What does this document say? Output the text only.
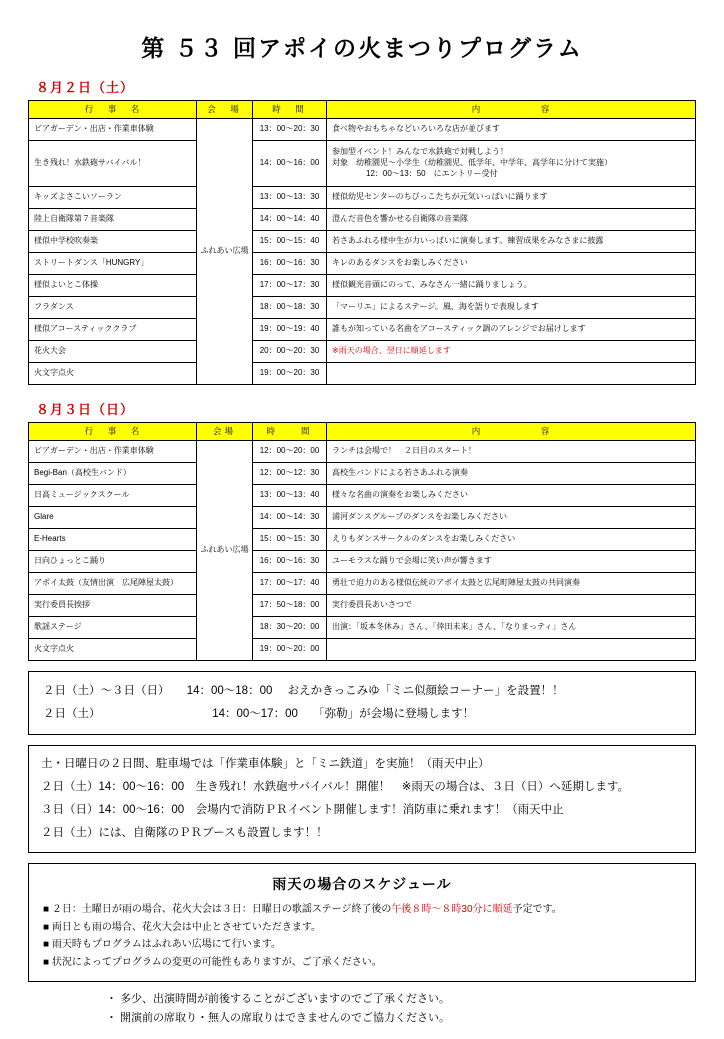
第 ５３ 回アポイの火まつりプログラム
８月２日（土）
行　事　名	会　場	時　間	内　　　　　容
ビアガーデン・出店・作業車体験	ふれあい広場	13：00〜20：30	食べ物やおもちゃなどいろいろな店が並びます
生き残れ！水鉄砲サバイバル！		14：00〜16：00	参加型イベント！みんなで水鉄砲で対戦しよう！
対象　幼稚園児〜小学生（幼稚園児、低学年、中学年、高学年に分けて実施）

12：00〜13：50　にエントリー受付

キッズよさこいソーラン		13：00〜13：30	様似幼児センターのちびっこたちが元気いっぱいに踊ります
陸上自衛隊第７音楽隊		14：00〜14：40	澄んだ音色を響かせる自衛隊の音楽隊
様似中学校吹奏楽		15：00〜15：40	若さあふれる様中生が力いっぱいに演奏します。練習成果をみなさまに披露
ストリートダンス「HUNGRY」		16：00〜16：30	キレのあるダンスをお楽しみください
様似よいとこ体操		17：00〜17：30	様似観光音頭にのって、みなさん一緒に踊りましょう。
フラダンス		18：00〜18：30	「マーリエ」によるステージ。風、海を語りで表現します
様似アコースティッククラブ		19：00〜19：40	誰もが知っている名曲をアコースティック調のアレンジでお届けします
花火大会		20：00〜20：30	※雨天の場合、翌日に順延します
火文字点火		19：00〜20：30	
８月３日（日）
行　事　名	会場	時　　間	内　　　　　容
ビアガーデン・出店・作業車体験	ふれあい広場	12：00〜20：00	ランチは会場で！　２日目のスタート！
Begi-Ban（高校生バンド）		12：00〜12：30	高校生バンドによる若さあふれる演奏
日高ミュージックスクール		13：00〜13：40	様々な名曲の演奏をお楽しみください
Glare		14：00〜14：30	浦河ダンスグループのダンスをお楽しみください
E-Hearts		15：00〜15：30	えりもダンスサークルのダンスをお楽しみください
日向ひょっとこ踊り		16：00〜16：30	ユーモラスな踊りで会場に笑い声が響きます
アポイ太鼓（友情出演　広尾陣屋太鼓）		17：00〜17：40	勇壮で迫力のある様似伝統のアポイ太鼓と広尾町陣屋太鼓の共同演奏
実行委員長挨拶		17：50〜18：00	実行委員長あいさつで
歌謡ステージ		18：30〜20：00	出演：「坂本冬休み」さん、「倖田未来」さん、「なりまっティ」さん
火文字点火		19：00〜20：00	
２日（土）〜３日（日） 14：00〜18：00 おえかきっこみゆ「ミニ似顔絵コーナー」を設置！！
２日（土）	14：00〜17：00 「弥勒」が会場に登場します！
土・日曜日の２日間、駐車場では「作業車体験」と「ミニ鉄道」を実施！（雨天中止）
２日（土）14：00〜16：00　生き残れ！水鉄砲サバイバル！開催！　※雨天の場合は、３日（日）へ延期します。
３日（日）14：00〜16：00　会場内で消防ＰＲイベント開催します！消防車に乗れます！（雨天中止
２日（土）には、自衛隊のＰＲブースも設置します！！
雨天の場合のスケジュール
■ ２日：土曜日が雨の場合、花火大会は３日：日曜日の歌謡ステージ終了後の午後８時〜８時30分に順延予定です。
■ 両日とも雨の場合、花火大会は中止とさせていただきます。
■ 雨天時もプログラムはふれあい広場にて行います。
■ 状況によってプログラムの変更の可能性もありますが、ご了承ください。
・ 多少、出演時間が前後することがございますのでご了承ください。
・ 開演前の席取り・無人の席取りはできませんのでご協力ください。
